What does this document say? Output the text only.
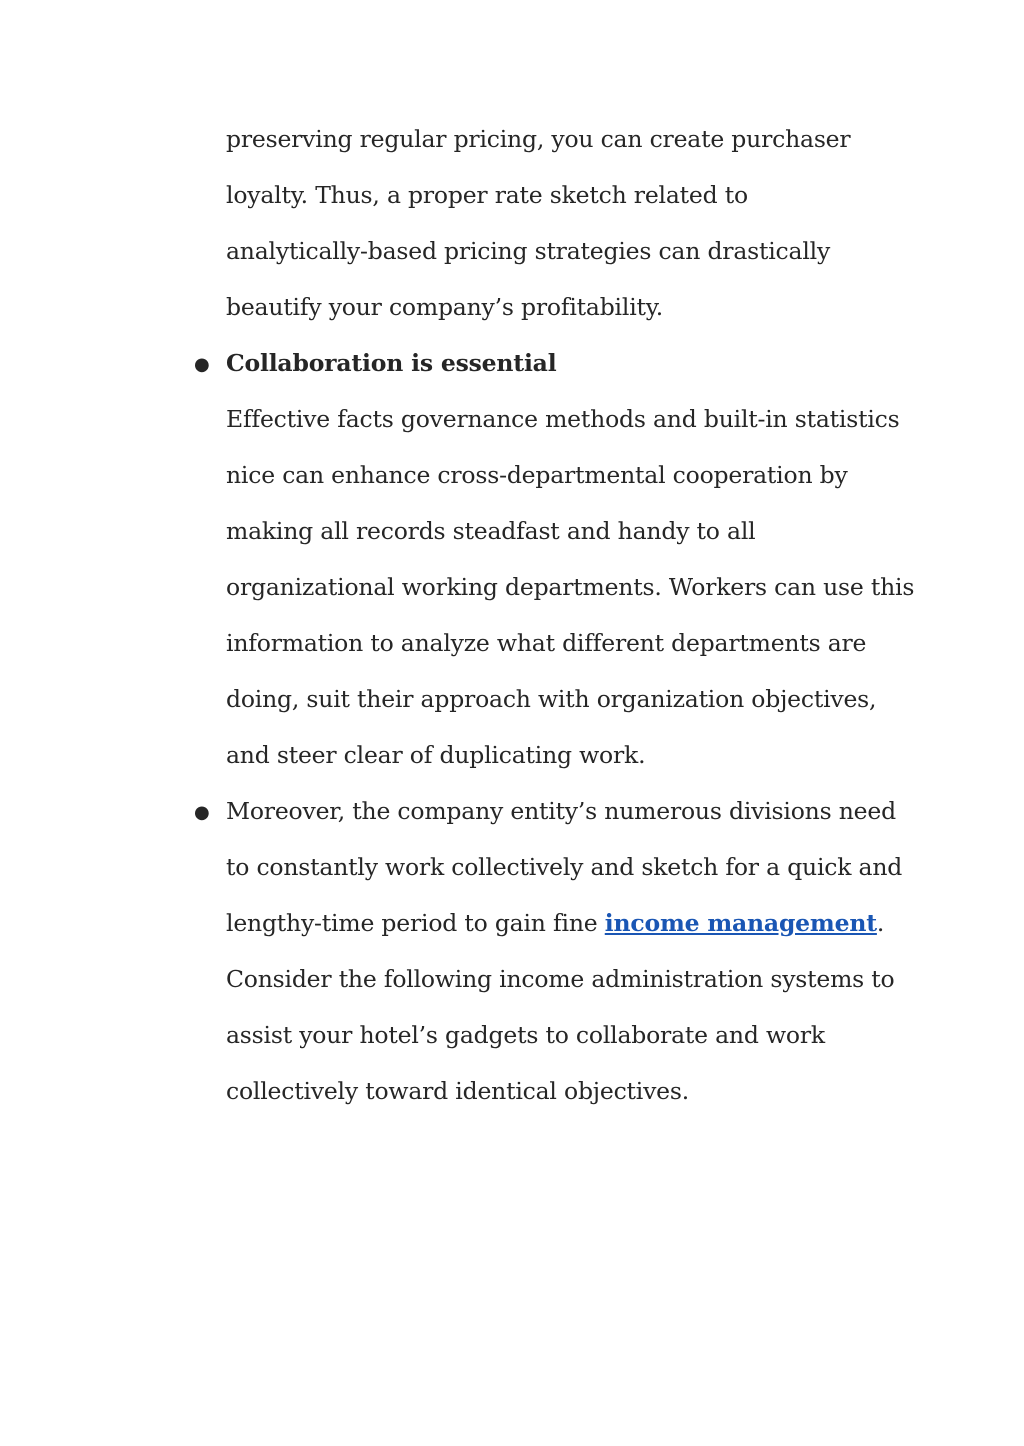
preserving regular pricing, you can create purchaser
loyalty. Thus, a proper rate sketch related to
analytically-based pricing strategies can drastically
beautify your company’s profitability.
● Collaboration is essential
Effective facts governance methods and built-in statistics
nice can enhance cross-departmental cooperation by
making all records steadfast and handy to all
organizational working departments. Workers can use this
information to analyze what different departments are
doing, suit their approach with organization objectives,
and steer clear of duplicating work.
● Moreover, the company entity’s numerous divisions need
to constantly work collectively and sketch for a quick and
lengthy-time period to gain fine income management.
Consider the following income administration systems to
assist your hotel’s gadgets to collaborate and work
collectively toward identical objectives.
